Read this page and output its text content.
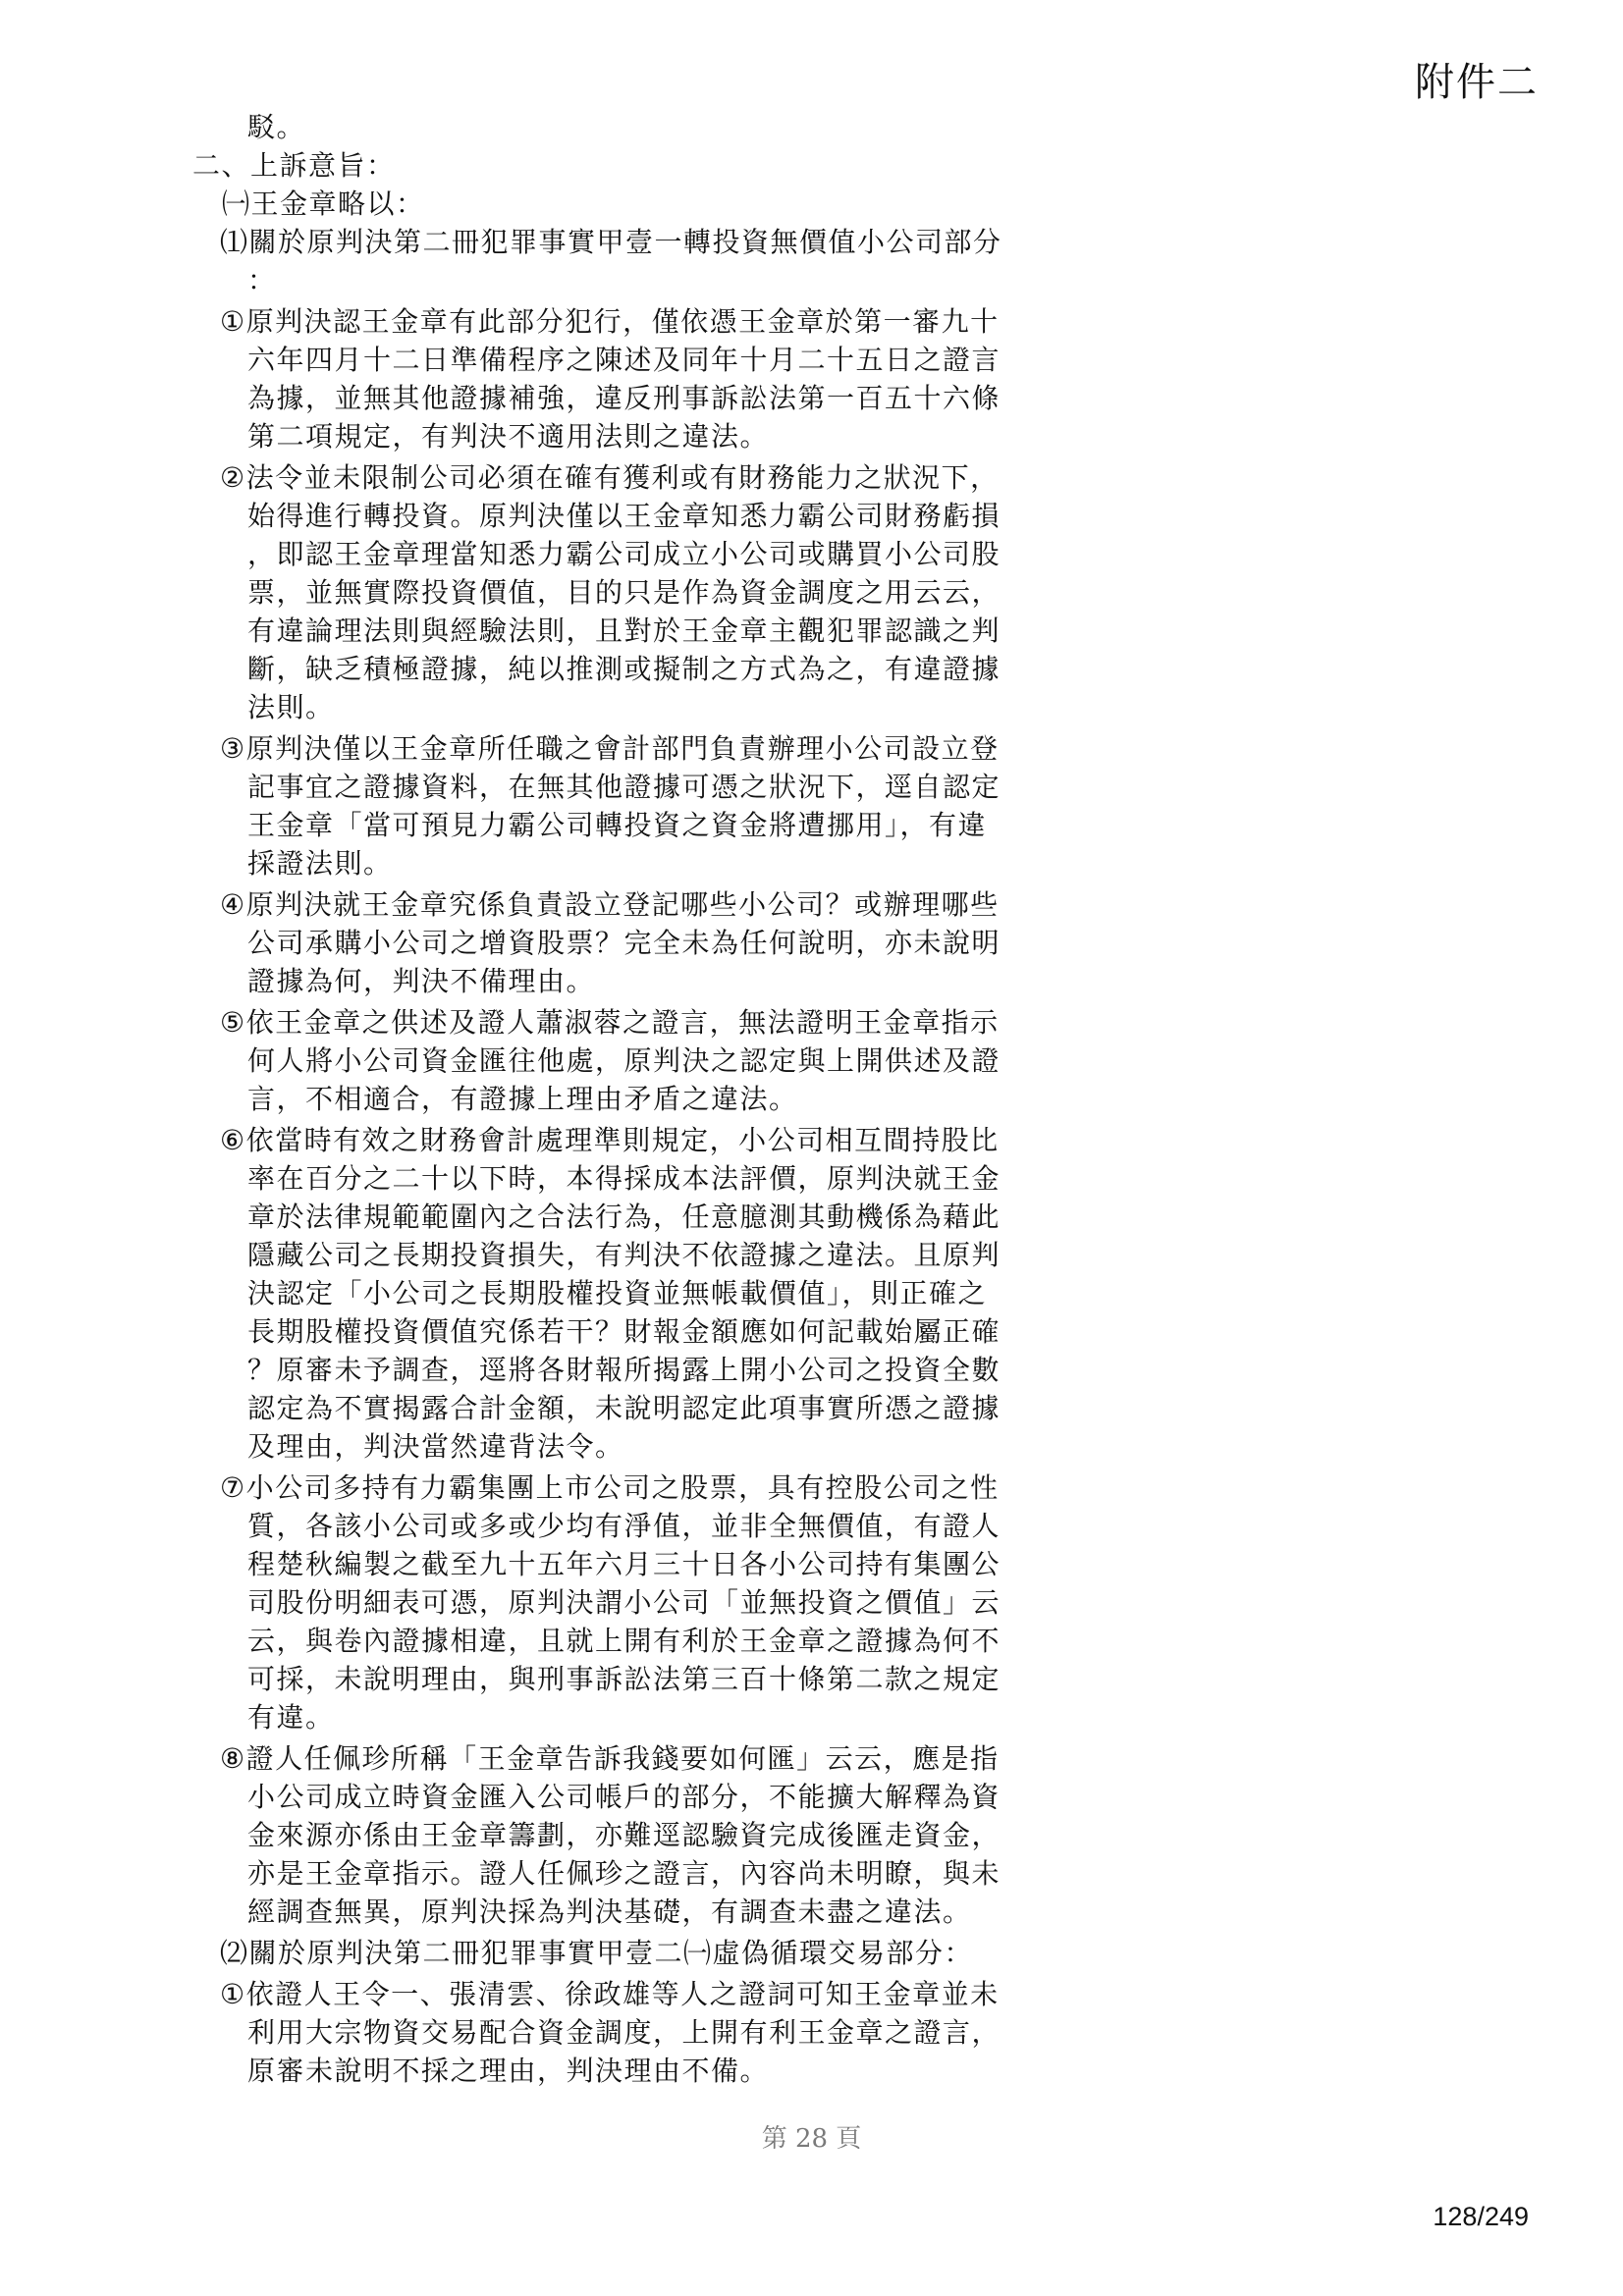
附件二
駁。
二、上訴意旨：
㈠王金章略以：
⑴關於原判決第二冊犯罪事實甲壹一轉投資無價值小公司部分
：
①原判決認王金章有此部分犯行，僅依憑王金章於第一審九十
六年四月十二日準備程序之陳述及同年十月二十五日之證言
為據，並無其他證據補強，違反刑事訴訟法第一百五十六條
第二項規定，有判決不適用法則之違法。
②法令並未限制公司必須在確有獲利或有財務能力之狀況下，
始得進行轉投資。原判決僅以王金章知悉力霸公司財務虧損
，即認王金章理當知悉力霸公司成立小公司或購買小公司股
票，並無實際投資價值，目的只是作為資金調度之用云云，
有違論理法則與經驗法則，且對於王金章主觀犯罪認識之判
斷，缺乏積極證據，純以推測或擬制之方式為之，有違證據
法則。
③原判決僅以王金章所任職之會計部門負責辦理小公司設立登
記事宜之證據資料，在無其他證據可憑之狀況下，逕自認定
王金章「當可預見力霸公司轉投資之資金將遭挪用」，有違
採證法則。
④原判決就王金章究係負責設立登記哪些小公司？或辦理哪些
公司承購小公司之增資股票？完全未為任何說明，亦未說明
證據為何，判決不備理由。
⑤依王金章之供述及證人蕭淑蓉之證言，無法證明王金章指示
何人將小公司資金匯往他處，原判決之認定與上開供述及證
言，不相適合，有證據上理由矛盾之違法。
⑥依當時有效之財務會計處理準則規定，小公司相互間持股比
率在百分之二十以下時，本得採成本法評價，原判決就王金
章於法律規範範圍內之合法行為，任意臆測其動機係為藉此
隱藏公司之長期投資損失，有判決不依證據之違法。且原判
決認定「小公司之長期股權投資並無帳載價值」，則正確之
長期股權投資價值究係若干？財報金額應如何記載始屬正確
？原審未予調查，逕將各財報所揭露上開小公司之投資全數
認定為不實揭露合計金額，未說明認定此項事實所憑之證據
及理由，判決當然違背法令。
⑦小公司多持有力霸集團上市公司之股票，具有控股公司之性
質，各該小公司或多或少均有淨值，並非全無價值，有證人
程楚秋編製之截至九十五年六月三十日各小公司持有集團公
司股份明細表可憑，原判決謂小公司「並無投資之價值」云
云，與卷內證據相違，且就上開有利於王金章之證據為何不
可採，未說明理由，與刑事訴訟法第三百十條第二款之規定
有違。
⑧證人任佩珍所稱「王金章告訴我錢要如何匯」云云，應是指
小公司成立時資金匯入公司帳戶的部分，不能擴大解釋為資
金來源亦係由王金章籌劃，亦難逕認驗資完成後匯走資金，
亦是王金章指示。證人任佩珍之證言，內容尚未明瞭，與未
經調查無異，原判決採為判決基礎，有調查未盡之違法。
⑵關於原判決第二冊犯罪事實甲壹二㈠虛偽循環交易部分：
①依證人王令一、張清雲、徐政雄等人之證詞可知王金章並未
利用大宗物資交易配合資金調度，上開有利王金章之證言，
原審未說明不採之理由，判決理由不備。
第 28 頁
128/249
